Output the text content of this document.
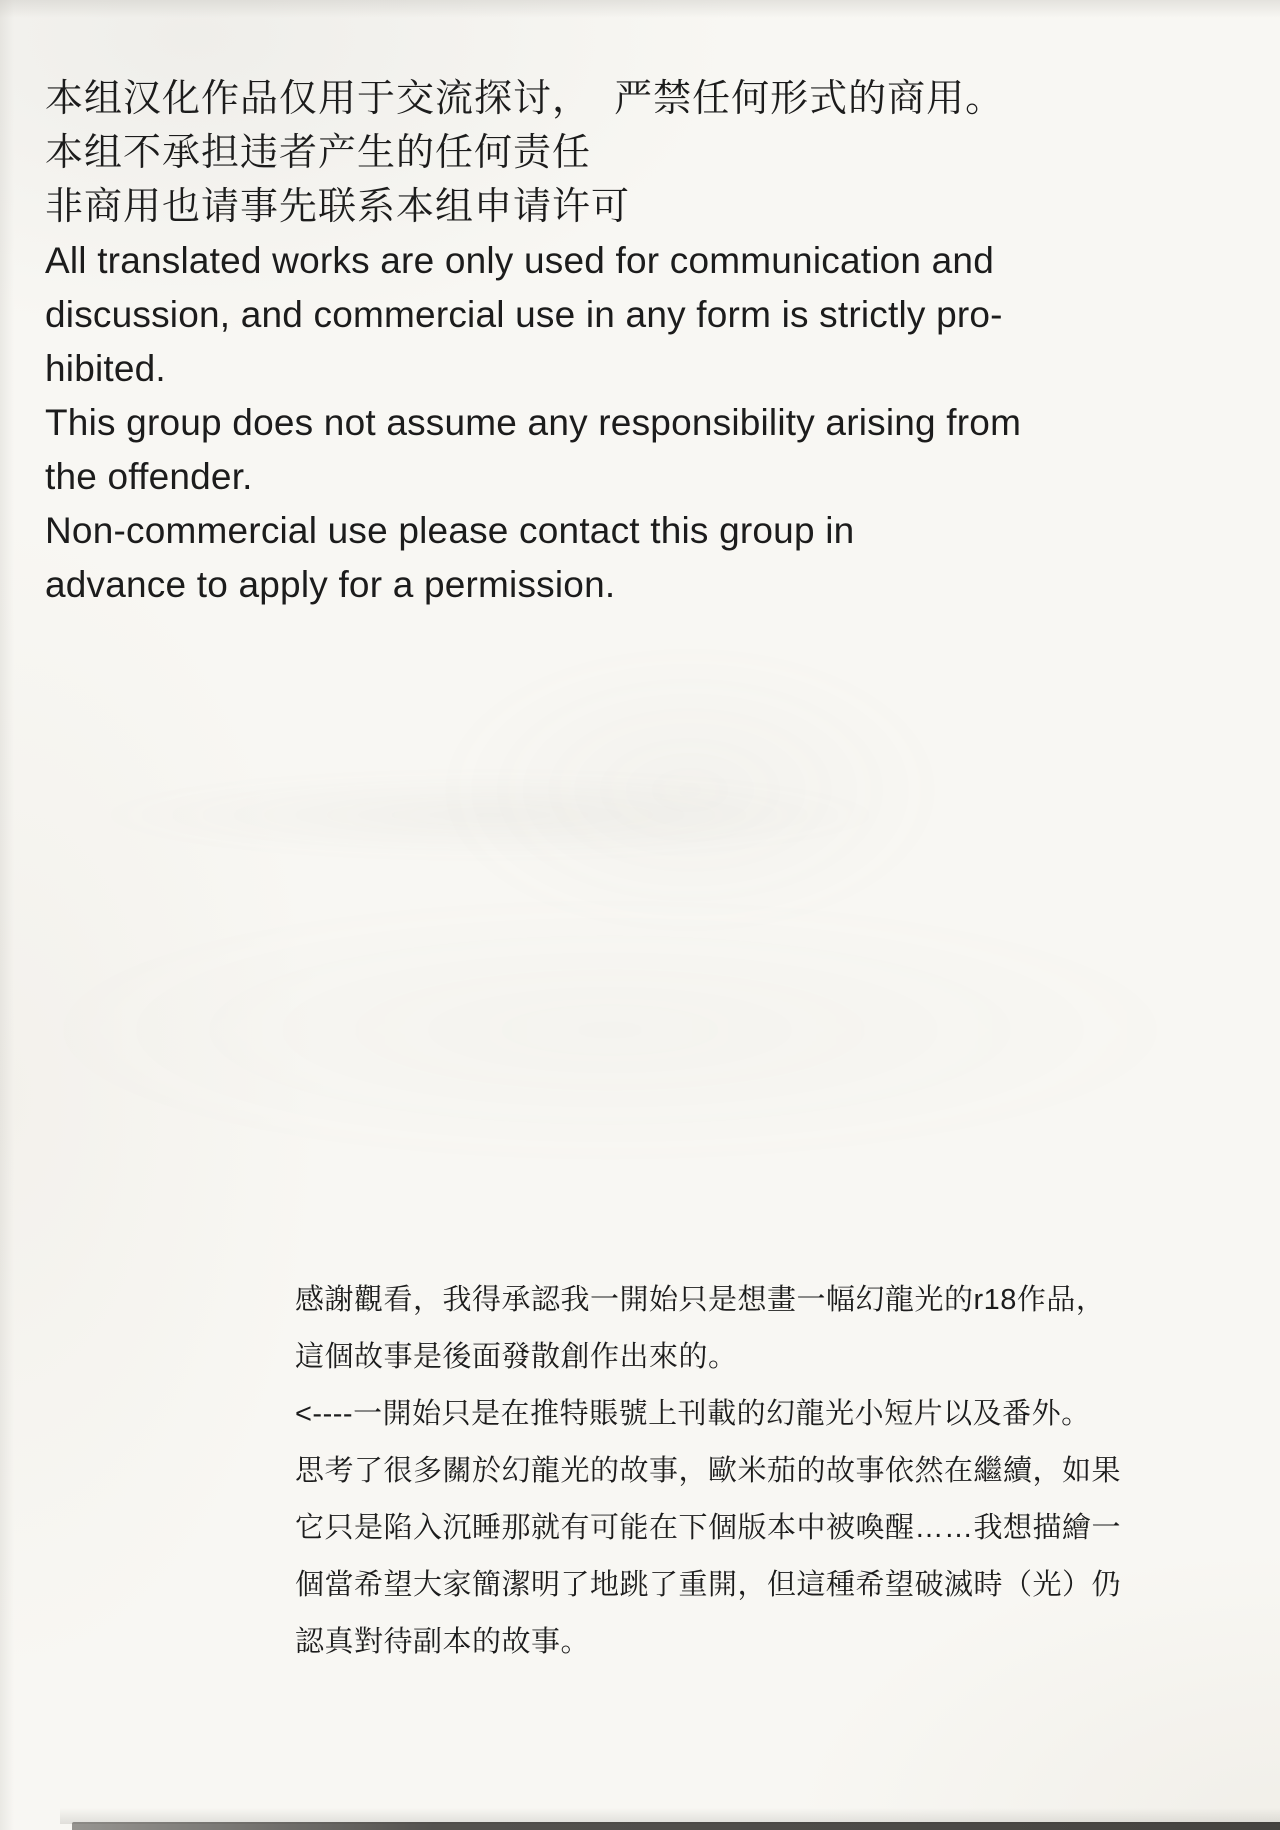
本组汉化作品仅用于交流探讨，  严禁任何形式的商用。
本组不承担违者产生的任何责任
非商用也请事先联系本组申请许可
All translated works are only used for communication and
discussion, and commercial use in any form is strictly pro-
hibited.
This group does not assume any responsibility arising from
the offender.
Non-commercial use please contact this group in
advance to apply for a permission.
感謝觀看，我得承認我一開始只是想畫一幅幻龍光的r18作品，
這個故事是後面發散創作出來的。
<----一開始只是在推特賬號上刊載的幻龍光小短片以及番外。
思考了很多關於幻龍光的故事，歐米茄的故事依然在繼續，如果
它只是陷入沉睡那就有可能在下個版本中被喚醒……我想描繪一
個當希望大家簡潔明了地跳了重開，但這種希望破滅時（光）仍
認真對待副本的故事。
